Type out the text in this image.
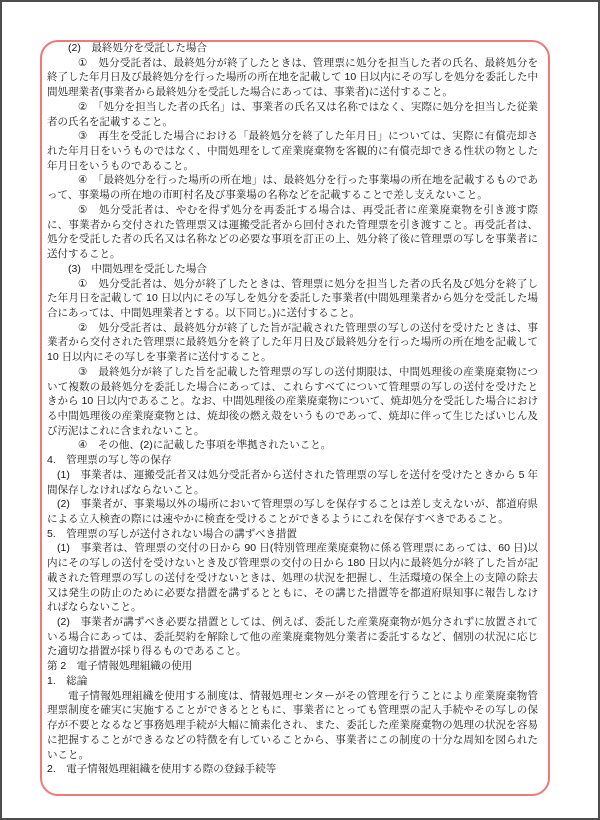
(2)　最終処分を受託した場合

①　処分受託者は、最終処分が終了したときは、管理票に処分を担当した者の氏名、最終処分を終了した年月日及び最終処分を行った場所の所在地を記載して 10 日以内にその写しを処分を委託した中間処理業者(事業者から最終処分を受託した場合にあっては、事業者)に送付すること。

②　「処分を担当した者の氏名」は、事業者の氏名又は名称ではなく、実際に処分を担当した従業者の氏名を記載すること。

③　再生を受託した場合における「最終処分を終了した年月日」については、実際に有償売却された年月日をいうものではなく、中間処理をして産業廃棄物を客観的に有償売却できる性状の物とした年月日をいうものであること。

④　「最終処分を行った場所の所在地」は、最終処分を行った事業場の所在地を記載するものであって、事業場の所在地の市町村名及び事業場の名称などを記載することで差し支えないこと。

⑤　処分受託者は、やむを得ず処分を再委託する場合は、再受託者に産業廃棄物を引き渡す際に、事業者から交付された管理票又は運搬受託者から回付された管理票を引き渡すこと。再受託者は、処分を受託した者の氏名又は名称などの必要な事項を訂正の上、処分終了後に管理票の写しを事業者に送付すること。

(3)　中間処理を受託した場合

①　処分受託者は、処分が終了したときは、管理票に処分を担当した者の氏名及び処分を終了した年月日を記載して 10 日以内にその写しを処分を委託した事業者(中間処理業者から処分を受託した場合にあっては、中間処理業者とする。以下同じ。)に送付すること。

②　処分受託者は、最終処分が終了した旨が記載された管理票の写しの送付を受けたときは、事業者から交付された管理票に最終処分を終了した年月日及び最終処分を行った場所の所在地を記載して 10 日以内にその写しを事業者に送付すること。

③　最終処分が終了した旨を記載した管理票の写しの送付期限は、中間処理後の産業廃棄物について複数の最終処分を委託した場合にあっては、これらすべてについて管理票の写しの送付を受けたときから 10 日以内であること。なお、中間処理後の産業廃棄物について、焼却処分を受託した場合における中間処理後の産業廃棄物とは、焼却後の燃え殻をいうものであって、焼却に伴って生じたばいじん及び汚泥はこれに含まれないこと。

④　その他、(2)に記載した事項を準拠されたいこと。

4.　管理票の写し等の保存

(1)　事業者は、運搬受託者又は処分受託者から送付された管理票の写しを送付を受けたときから 5 年間保存しなければならないこと。

(2)　事業者が、事業場以外の場所において管理票の写しを保存することは差し支えないが、都道府県による立入検査の際には速やかに検査を受けることができるようにこれを保存すべきであること。

5.　管理票の写しが送付されない場合の講ずべき措置

(1)　事業者は、管理票の交付の日から 90 日(特別管理産業廃棄物に係る管理票にあっては、60 日)以内にその写しの送付を受けないとき及び管理票の交付の日から 180 日以内に最終処分が終了した旨が記載された管理票の写しの送付を受けないときは、処理の状況を把握し、生活環境の保全上の支障の除去又は発生の防止のために必要な措置を講ずるとともに、その講じた措置等を都道府県知事に報告しなければならないこと。

(2)　事業者が講ずべき必要な措置としては、例えば、委託した産業廃棄物が処分されずに放置されている場合にあっては、委託契約を解除して他の産業廃棄物処分業者に委託するなど、個別の状況に応じた適切な措置が採り得るものであること。

第 2　電子情報処理組織の使用

1.　総論

電子情報処理組織を使用する制度は、情報処理センターがその管理を行うことにより産業廃棄物管理票制度を確実に実施することができるとともに、事業者にとっても管理票の記入手続やその写しの保存が不要となるなど事務処理手続が大幅に簡素化され、また、委託した産業廃棄物の処理の状況を容易に把握することができるなどの特徴を有していることから、事業者にこの制度の十分な周知を図られたいこと。

2.　電子情報処理組織を使用する際の登録手続等
